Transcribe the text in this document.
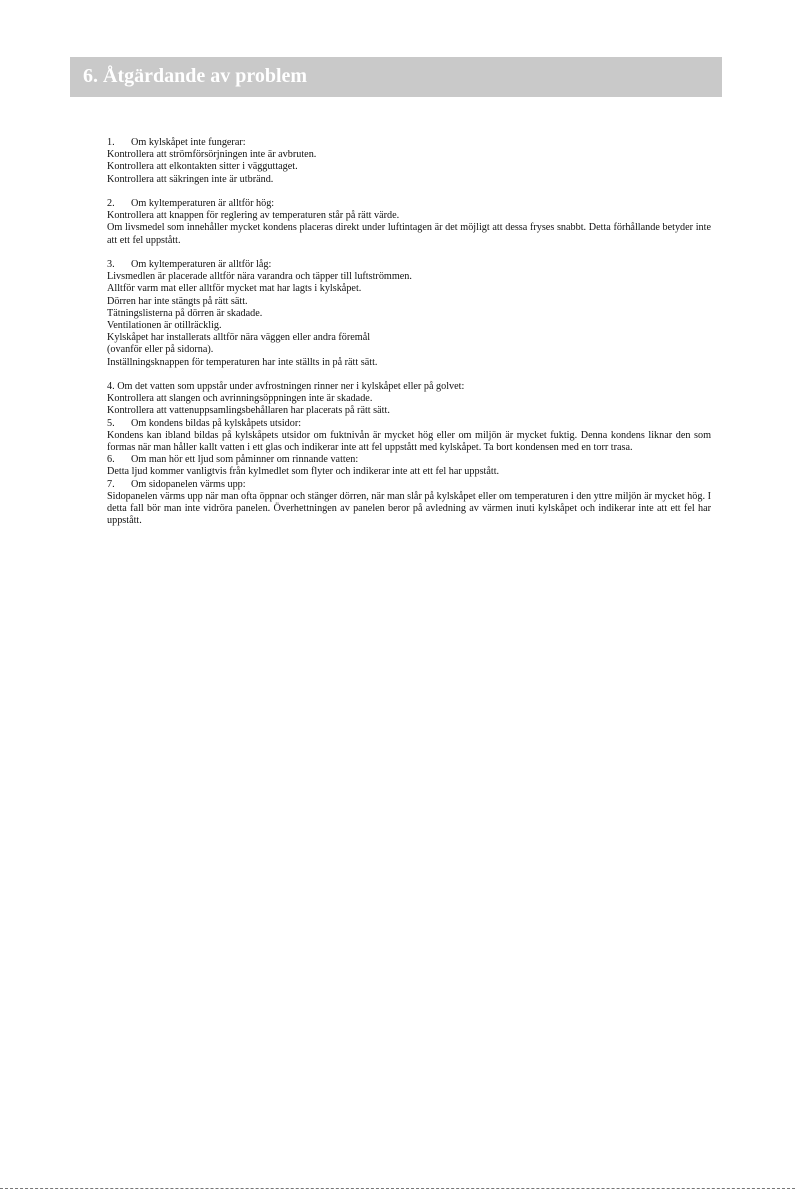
6. Åtgärdande av problem
1. Om kylskåpet inte fungerar:
Kontrollera att strömförsörjningen inte är avbruten.
Kontrollera att elkontakten sitter i vägguttaget.
Kontrollera att säkringen inte är utbränd.
2. Om kyltemperaturen är alltför hög:
Kontrollera att knappen för reglering av temperaturen står på rätt värde.
Om livsmedel som innehåller mycket kondens placeras direkt under luftintagen är det möjligt att dessa fryses snabbt. Detta förhållande betyder inte att ett fel uppstått.
3. Om kyltemperaturen är alltför låg:
Livsmedlen är placerade alltför nära varandra och täpper till luftströmmen.
Alltför varm mat eller alltför mycket mat har lagts i kylskåpet.
Dörren har inte stängts på rätt sätt.
Tätningslisterna på dörren är skadade.
Ventilationen är otillräcklig.
Kylskåpet har installerats alltför nära väggen eller andra föremål
(ovanför eller på sidorna).
Inställningsknappen för temperaturen har inte ställts in på rätt sätt.
4. Om det vatten som uppstår under avfrostningen rinner ner i kylskåpet eller på golvet:
Kontrollera att slangen och avrinningsöppningen inte är skadade.
Kontrollera att vattenuppsamlingsbehållaren har placerats på rätt sätt.
5. Om kondens bildas på kylskåpets utsidor:
Kondens kan ibland bildas på kylskåpets utsidor om fuktnivån är mycket hög eller om miljön är mycket fuktig. Denna kondens liknar den som formas när man håller kallt vatten i ett glas och indikerar inte att fel uppstått med kylskåpet. Ta bort kondensen med en torr trasa.
6. Om man hör ett ljud som påminner om rinnande vatten:
Detta ljud kommer vanligtvis från kylmedlet som flyter och indikerar inte att ett fel har uppstått.
7. Om sidopanelen värms upp:
Sidopanelen värms upp när man ofta öppnar och stänger dörren, när man slår på kylskåpet eller om temperaturen i den yttre miljön är mycket hög. I detta fall bör man inte vidröra panelen. Överhettningen av panelen beror på avledning av värmen inuti kylskåpet och indikerar inte att ett fel har uppstått.
